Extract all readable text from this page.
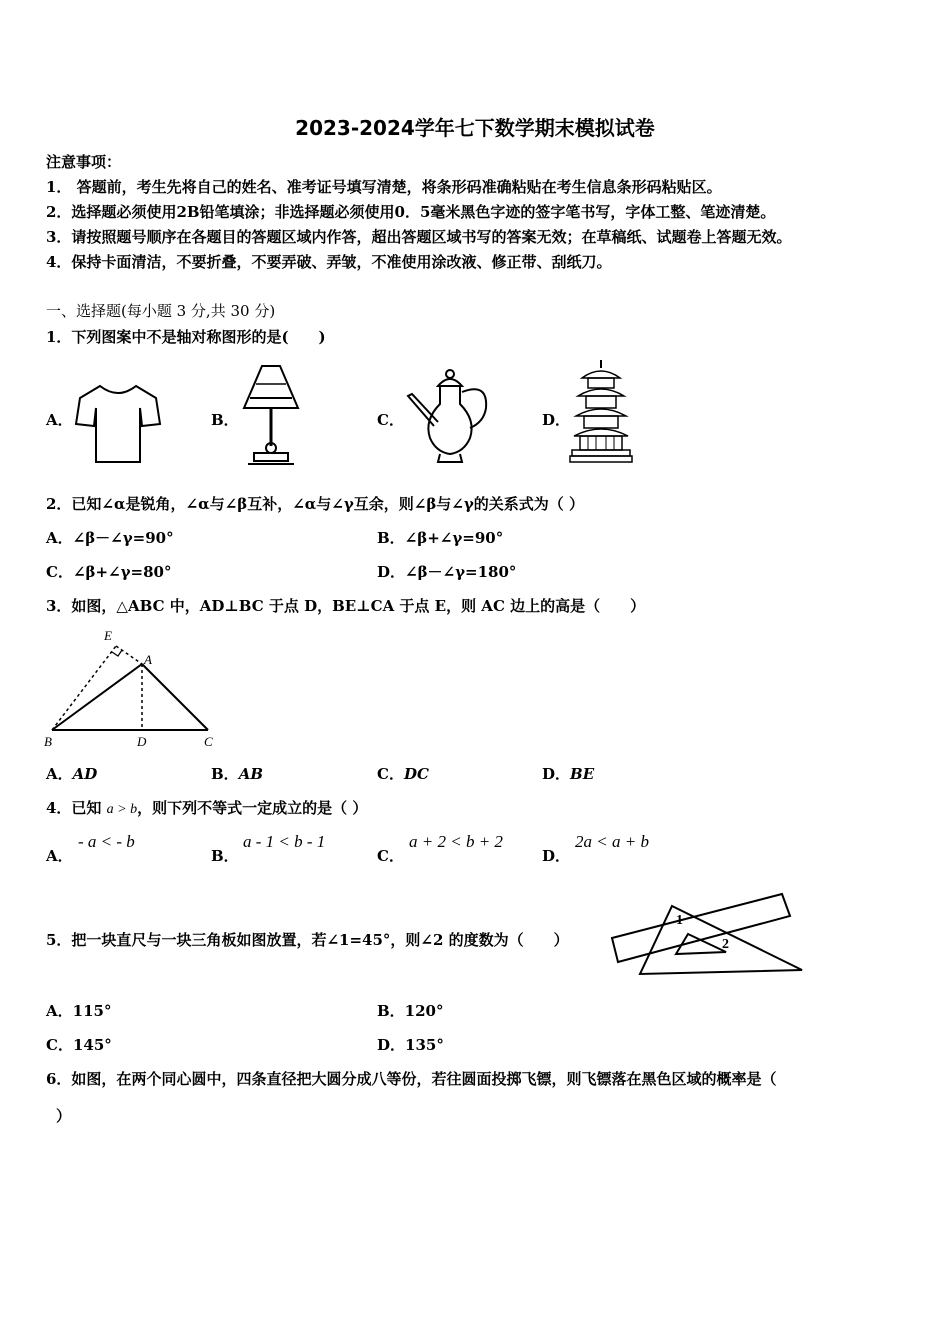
2023-2024学年七下数学期末模拟试卷
注意事项：
1． 答题前，考生先将自己的姓名、准考证号填写清楚，将条形码准确粘贴在考生信息条形码粘贴区。
2．选择题必须使用2B铅笔填涂；非选择题必须使用0．5毫米黑色字迹的签字笔书写，字体工整、笔迹清楚。
3．请按照题号顺序在各题目的答题区域内作答，超出答题区域书写的答案无效；在草稿纸、试题卷上答题无效。
4．保持卡面清洁，不要折叠，不要弄破、弄皱，不准使用涂改液、修正带、刮纸刀。
一、选择题(每小题 3 分,共 30 分)
1．下列图案中不是轴对称图形的是(　　)
A．	B．	C．	D．
2．已知∠α是锐角，∠α与∠β互补，∠α与∠γ互余，则∠β与∠γ的关系式为（ ）
A．∠β－∠γ=90°	B．∠β+∠γ=90°
C．∠β+∠γ=80°	D．∠β－∠γ=180°
3．如图，△ABC 中，AD⊥BC 于点 D，BE⊥CA 于点 E，则 AC 边上的高是（　　）
E
A
B	D	C
A．AD	B．AB	C．DC	D．BE
4．已知 a > b，则下列不等式一定成立的是（ ）
A．
- a < - b
B．
a - 1 < b - 1
C．
a + 2 < b + 2
D．
2a < a + b
5．把一块直尺与一块三角板如图放置，若∠1=45°，则∠2 的度数为（　　）
1
2
A．115°	B．120°
C．145°	D．135°
6．如图，在两个同心圆中，四条直径把大圆分成八等份，若往圆面投掷飞镖，则飞镖落在黑色区域的概率是（
）
